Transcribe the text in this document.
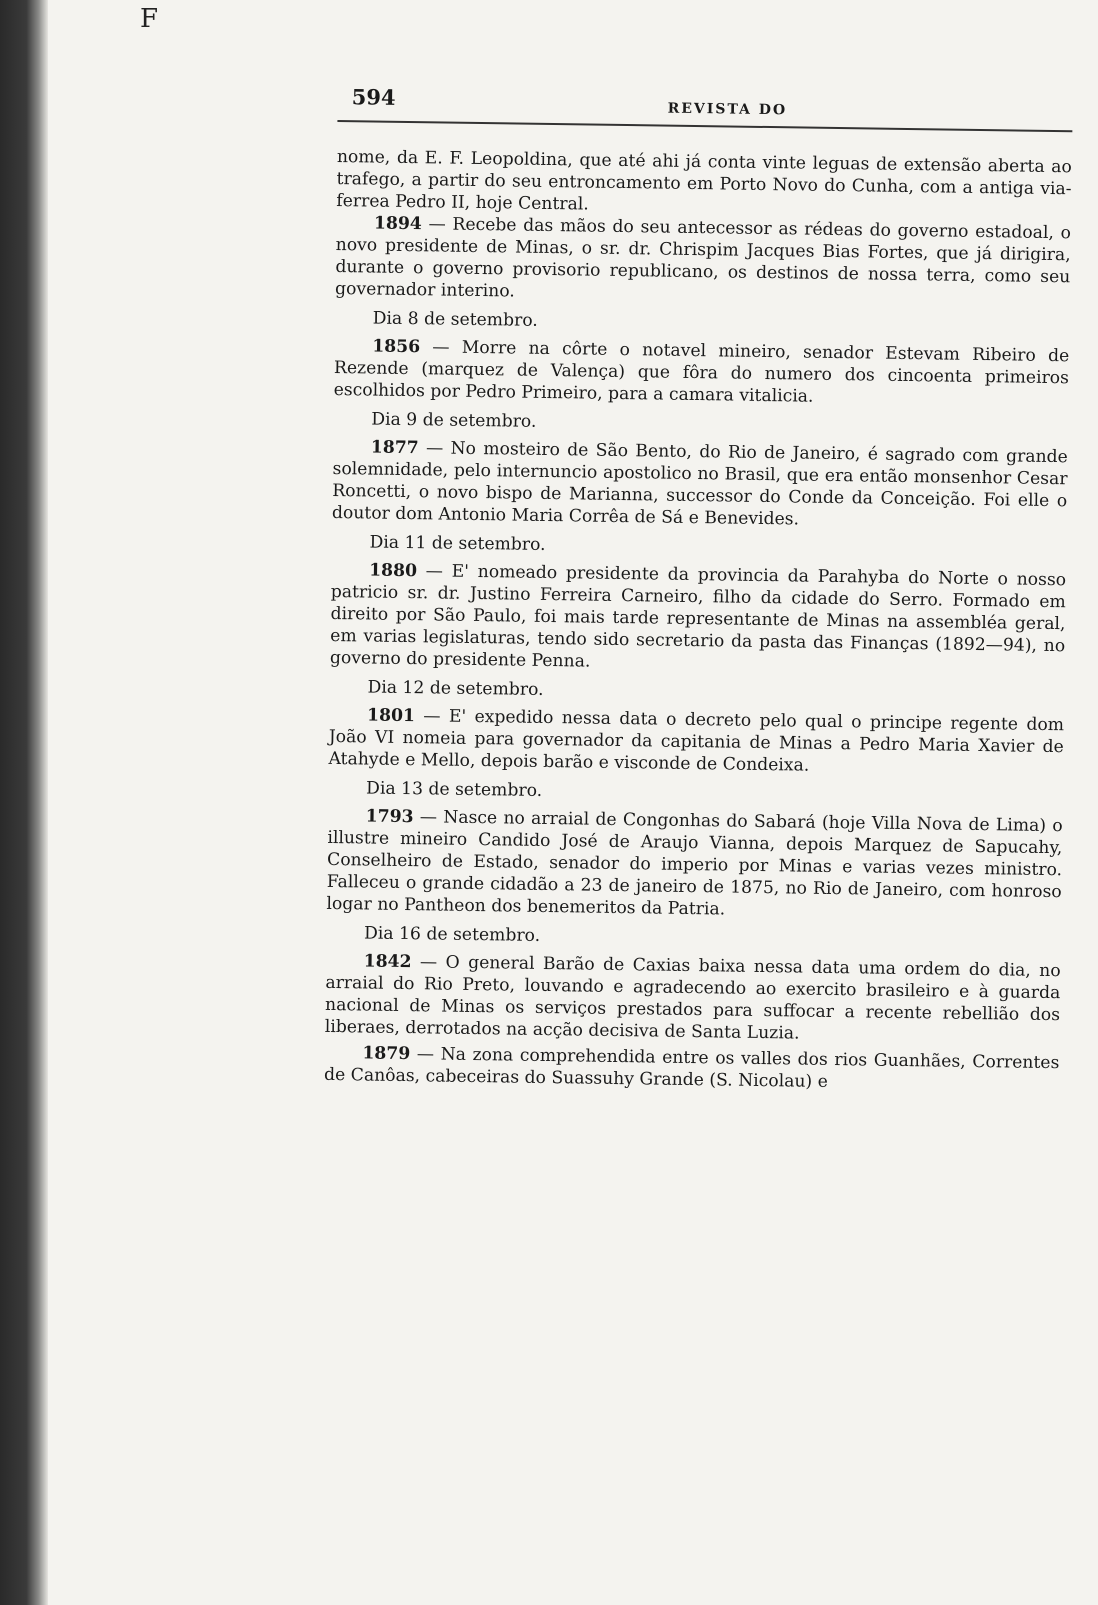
F
594	REVISTA DO

nome, da E. F. Leopoldina, que até ahi já conta vinte leguas de extensão aberta ao trafego, a partir do seu entroncamento em Porto Novo do Cunha, com a antiga via-ferrea Pedro II, hoje Central.

1894 — Recebe das mãos do seu antecessor as rédeas do governo estadoal, o novo presidente de Minas, o sr. dr. Chrispim Jacques Bias Fortes, que já dirigira, durante o governo provisorio republicano, os destinos de nossa terra, como seu governador interino.

Dia 8 de setembro.

1856 — Morre na côrte o notavel mineiro, senador Estevam Ribeiro de Rezende (marquez de Valença) que fôra do numero dos cincoenta primeiros escolhidos por Pedro Primeiro, para a camara vitalicia.

Dia 9 de setembro.

1877 — No mosteiro de São Bento, do Rio de Janeiro, é sagrado com grande solemnidade, pelo internuncio apostolico no Brasil, que era então monsenhor Cesar Roncetti, o novo bispo de Marianna, successor do Conde da Conceição. Foi elle o doutor dom Antonio Maria Corrêa de Sá e Benevides.

Dia 11 de setembro.

1880 — E' nomeado presidente da provincia da Parahyba do Norte o nosso patricio sr. dr. Justino Ferreira Carneiro, filho da cidade do Serro. Formado em direito por São Paulo, foi mais tarde representante de Minas na assembléa geral, em varias legislaturas, tendo sido secretario da pasta das Finanças (1892—94), no governo do presidente Penna.

Dia 12 de setembro.

1801 — E' expedido nessa data o decreto pelo qual o principe regente dom João VI nomeia para governador da capitania de Minas a Pedro Maria Xavier de Atahyde e Mello, depois barão e visconde de Condeixa.

Dia 13 de setembro.

1793 — Nasce no arraial de Congonhas do Sabará (hoje Villa Nova de Lima) o illustre mineiro Candido José de Araujo Vianna, depois Marquez de Sapucahy, Conselheiro de Estado, senador do imperio por Minas e varias vezes ministro. Falleceu o grande cidadão a 23 de janeiro de 1875, no Rio de Janeiro, com honroso logar no Pantheon dos benemeritos da Patria.

Dia 16 de setembro.

1842 — O general Barão de Caxias baixa nessa data uma ordem do dia, no arraial do Rio Preto, louvando e agradecendo ao exercito brasileiro e à guarda nacional de Minas os serviços prestados para suffocar a recente rebellião dos liberaes, derrotados na acção decisiva de Santa Luzia.

1879 — Na zona comprehendida entre os valles dos rios Guanhães, Correntes de Canôas, cabeceiras do Suassuhy Grande (S. Nicolau) e
